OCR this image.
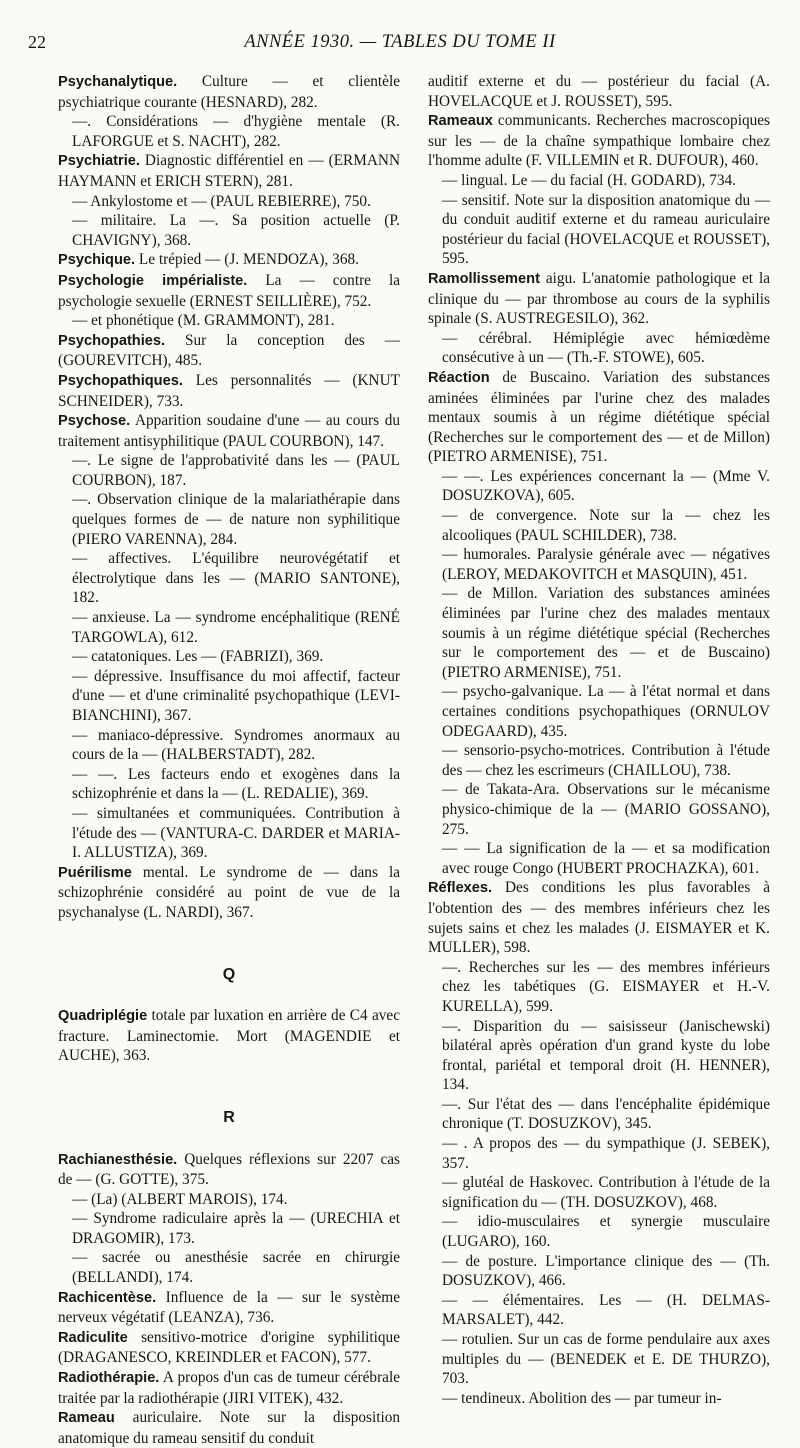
22	ANNÉE 1930. — TABLES DU TOME II

Psychanalytique. Culture — et clientèle psychiatrique courante (HESNARD), 282.

—. Considérations — d'hygiène mentale (R. LAFORGUE et S. NACHT), 282.

Psychiatrie. Diagnostic différentiel en — (ERMANN HAYMANN et ERICH STERN), 281.

— Ankylostome et — (PAUL REBIERRE), 750.

— militaire. La —. Sa position actuelle (P. CHAVIGNY), 368.

Psychique. Le trépied — (J. MENDOZA), 368.

Psychologie impérialiste. La — contre la psychologie sexuelle (ERNEST SEILLIÈRE), 752.

— et phonétique (M. GRAMMONT), 281.

Psychopathies. Sur la conception des — (GOUREVITCH), 485.

Psychopathiques. Les personnalités — (KNUT SCHNEIDER), 733.

Psychose. Apparition soudaine d'une — au cours du traitement antisyphilitique (PAUL COURBON), 147.

—. Le signe de l'approbativité dans les — (PAUL COURBON), 187.

—. Observation clinique de la malariathérapie dans quelques formes de — de nature non syphilitique (PIERO VARENNA), 284.

— affectives. L'équilibre neurovégétatif et électrolytique dans les — (MARIO SANTONE), 182.

— anxieuse. La — syndrome encéphalitique (RENÉ TARGOWLA), 612.

— catatoniques. Les — (FABRIZI), 369.

— dépressive. Insuffisance du moi affectif, facteur d'une — et d'une criminalité psychopathique (LEVI-BIANCHINI), 367.

— maniaco-dépressive. Syndromes anormaux au cours de la — (HALBERSTADT), 282.

— —. Les facteurs endo et exogènes dans la schizophrénie et dans la — (L. REDALIE), 369.

— simultanées et communiquées. Contribution à l'étude des — (VANTURA-C. DARDER et MARIA-I. ALLUSTIZA), 369.

Puérilisme mental. Le syndrome de — dans la schizophrénie considéré au point de vue de la psychanalyse (L. NARDI), 367.

Q

Quadriplégie totale par luxation en arrière de C4 avec fracture. Laminectomie. Mort (MAGENDIE et AUCHE), 363.

R

Rachianesthésie. Quelques réflexions sur 2207 cas de — (G. GOTTE), 375.

— (La) (ALBERT MAROIS), 174.

— Syndrome radiculaire après la — (URECHIA et DRAGOMIR), 173.

— sacrée ou anesthésie sacrée en chirurgie (BELLANDI), 174.

Rachicentèse. Influence de la — sur le système nerveux végétatif (LEANZA), 736.

Radiculite sensitivo-motrice d'origine syphilitique (DRAGANESCO, KREINDLER et FACON), 577.

Radiothérapie. A propos d'un cas de tumeur cérébrale traitée par la radiothérapie (JIRI VITEK), 432.

Rameau auriculaire. Note sur la disposition anatomique du rameau sensitif du conduit

auditif externe et du — postérieur du facial (A. HOVELACQUE et J. ROUSSET), 595.

Rameaux communicants. Recherches macroscopiques sur les — de la chaîne sympathique lombaire chez l'homme adulte (F. VILLEMIN et R. DUFOUR), 460.

— lingual. Le — du facial (H. GODARD), 734.

— sensitif. Note sur la disposition anatomique du — du conduit auditif externe et du rameau auriculaire postérieur du facial (HOVELACQUE et ROUSSET), 595.

Ramollissement aigu. L'anatomie pathologique et la clinique du — par thrombose au cours de la syphilis spinale (S. AUSTREGESILO), 362.

— cérébral. Hémiplégie avec hémiœdème consécutive à un — (Th.-F. STOWE), 605.

Réaction de Buscaino. Variation des substances aminées éliminées par l'urine chez des malades mentaux soumis à un régime diététique spécial (Recherches sur le comportement des — et de Millon) (PIETRO ARMENISE), 751.

— —. Les expériences concernant la — (Mme V. DOSUZKOVA), 605.

— de convergence. Note sur la — chez les alcooliques (PAUL SCHILDER), 738.

— humorales. Paralysie générale avec — négatives (LEROY, MEDAKOVITCH et MASQUIN), 451.

— de Millon. Variation des substances aminées éliminées par l'urine chez des malades mentaux soumis à un régime diététique spécial (Recherches sur le comportement des — et de Buscaino) (PIETRO ARMENISE), 751.

— psycho-galvanique. La — à l'état normal et dans certaines conditions psychopathiques (ORNULOV ODEGAARD), 435.

— sensorio-psycho-motrices. Contribution à l'étude des — chez les escrimeurs (CHAILLOU), 738.

— de Takata-Ara. Observations sur le mécanisme physico-chimique de la — (MARIO GOSSANO), 275.

— — La signification de la — et sa modification avec rouge Congo (HUBERT PROCHAZKA), 601.

Réflexes. Des conditions les plus favorables à l'obtention des — des membres inférieurs chez les sujets sains et chez les malades (J. EISMAYER et K. MULLER), 598.

—. Recherches sur les — des membres inférieurs chez les tabétiques (G. EISMAYER et H.-V. KURELLA), 599.

—. Disparition du — saisisseur (Janischewski) bilatéral après opération d'un grand kyste du lobe frontal, pariétal et temporal droit (H. HENNER), 134.

—. Sur l'état des — dans l'encéphalite épidémique chronique (T. DOSUZKOV), 345.

— . A propos des — du sympathique (J. SEBEK), 357.

— glutéal de Haskovec. Contribution à l'étude de la signification du — (TH. DOSUZKOV), 468.

— idio-musculaires et synergie musculaire (LUGARO), 160.

— de posture. L'importance clinique des — (Th. DOSUZKOV), 466.

— — élémentaires. Les — (H. DELMAS-MARSALET), 442.

— rotulien. Sur un cas de forme pendulaire aux axes multiples du — (BENEDEK et E. DE THURZO), 703.

— tendineux. Abolition des — par tumeur in-
